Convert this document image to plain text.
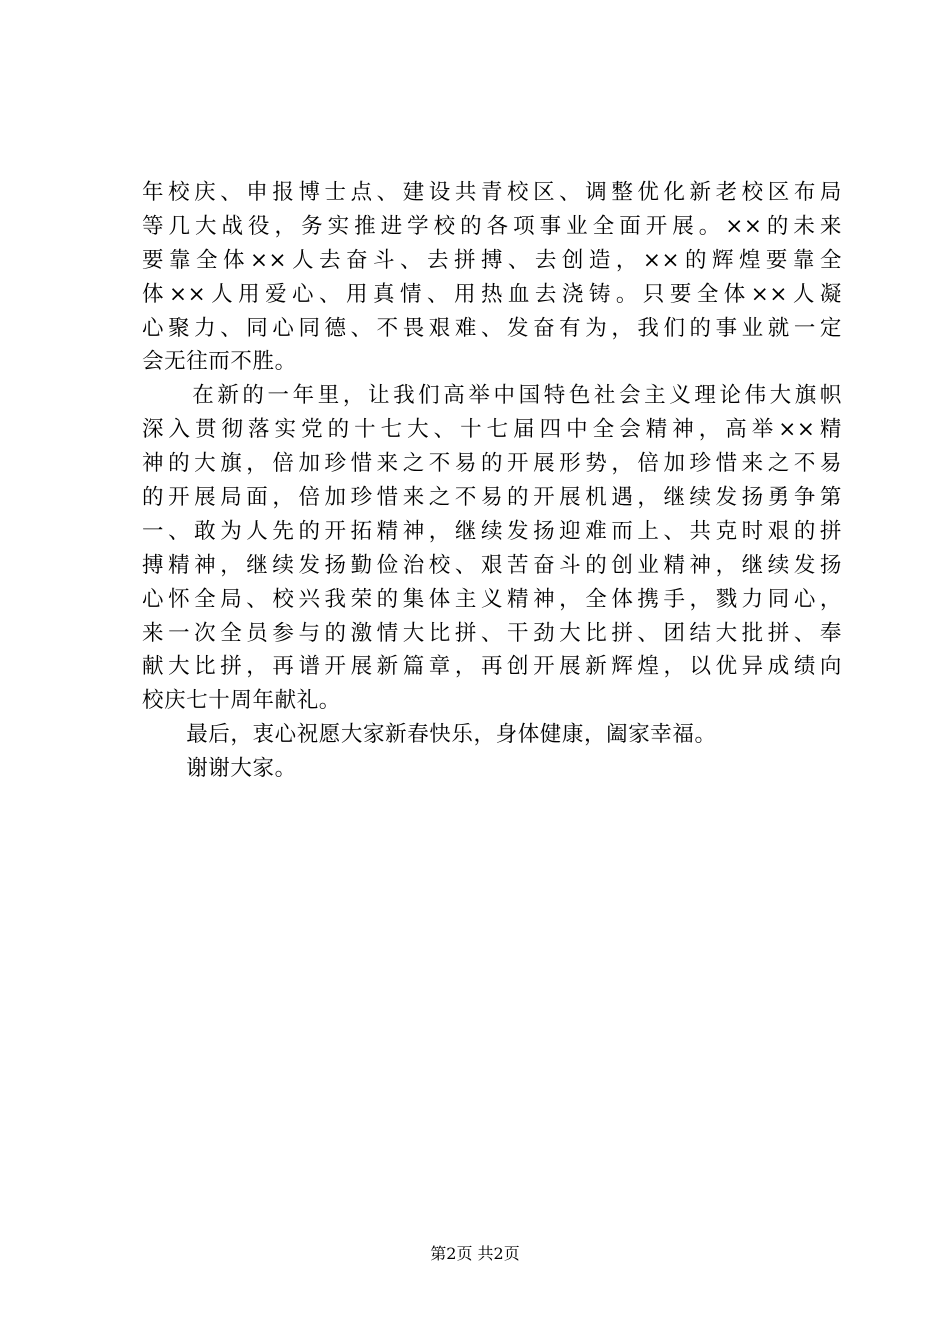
年校庆、申报博士点、建设共青校区、调整优化新老校区布局
等几大战役，务实推进学校的各项事业全面开展。××的未来
要靠全体××人去奋斗、去拼搏、去创造，××的辉煌要靠全
体××人用爱心、用真情、用热血去浇铸。只要全体××人凝
心聚力、同心同德、不畏艰难、发奋有为，我们的事业就一定
会无往而不胜。
　　在新的一年里，让我们高举中国特色社会主义理论伟大旗帜
深入贯彻落实党的十七大、十七届四中全会精神，高举××精
神的大旗，倍加珍惜来之不易的开展形势，倍加珍惜来之不易
的开展局面，倍加珍惜来之不易的开展机遇，继续发扬勇争第
一、敢为人先的开拓精神，继续发扬迎难而上、共克时艰的拼
搏精神，继续发扬勤俭治校、艰苦奋斗的创业精神，继续发扬
心怀全局、校兴我荣的集体主义精神，全体携手，戮力同心，
来一次全员参与的激情大比拼、干劲大比拼、团结大批拼、奉
献大比拼，再谱开展新篇章，再创开展新辉煌，以优异成绩向
校庆七十周年献礼。
　　最后，衷心祝愿大家新春快乐，身体健康，阖家幸福。
　　谢谢大家。
第2页 共2页
